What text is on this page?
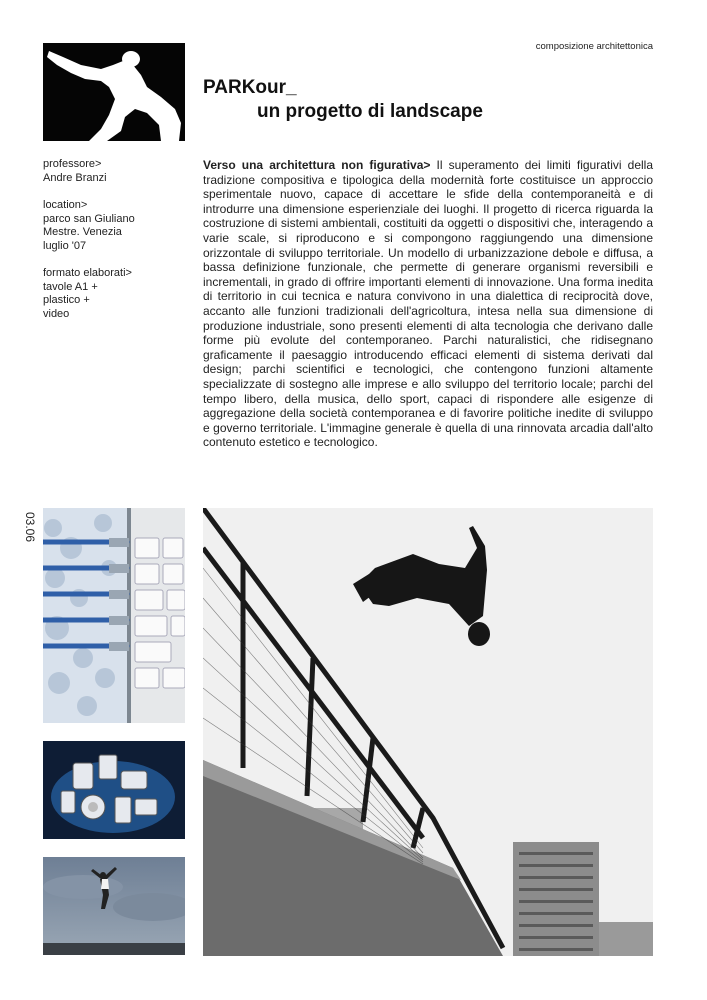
composizione architettonica
PARKour_
un progetto di landscape
professore>
Andre Branzi
location>
parco san Giuliano
Mestre. Venezia
luglio '07
formato elaborati>
tavole A1 +
plastico +
video
Verso una architettura non figurativa> Il superamento dei limiti figurativi della tradizione compositiva e tipologica della modernità forte costituisce un approccio sperimentale nuovo, capace di accettare le sfide della contemporaneità e di introdurre una dimensione esperienziale dei luoghi. Il progetto di ricerca riguarda la costruzione di sistemi ambientali, costituiti da oggetti o dispositivi che, interagendo a varie scale, si riproducono e si compongono raggiungendo una dimensione orizzontale di sviluppo territoriale. Un modello di urbanizzazione debole e diffusa, a bassa definizione funzionale, che permette di generare organismi reversibili e incrementali, in grado di offrire importanti elementi di innovazione. Una forma inedita di territorio in cui tecnica e natura convivono in una dialettica di reciprocità dove, accanto alle funzioni tradizionali dell'agricoltura, intesa nella sua dimensione di produzione industriale, sono presenti elementi di alta tecnologia che derivano dalle forme più evolute del contemporaneo. Parchi naturalistici, che ridisegnano graficamente il paesaggio introducendo efficaci elementi di sistema derivati dal design; parchi scientifici e tecnologici, che contengono funzioni altamente specializzate di sostegno alle imprese e allo sviluppo del territorio locale; parchi del tempo libero, della musica, dello sport, capaci di rispondere alle esigenze di aggregazione della società contemporanea e di favorire politiche inedite di sviluppo e governo territoriale. L'immagine generale è quella di una rinnovata arcadia dall'alto contenuto estetico e tecnologico.
03.06
